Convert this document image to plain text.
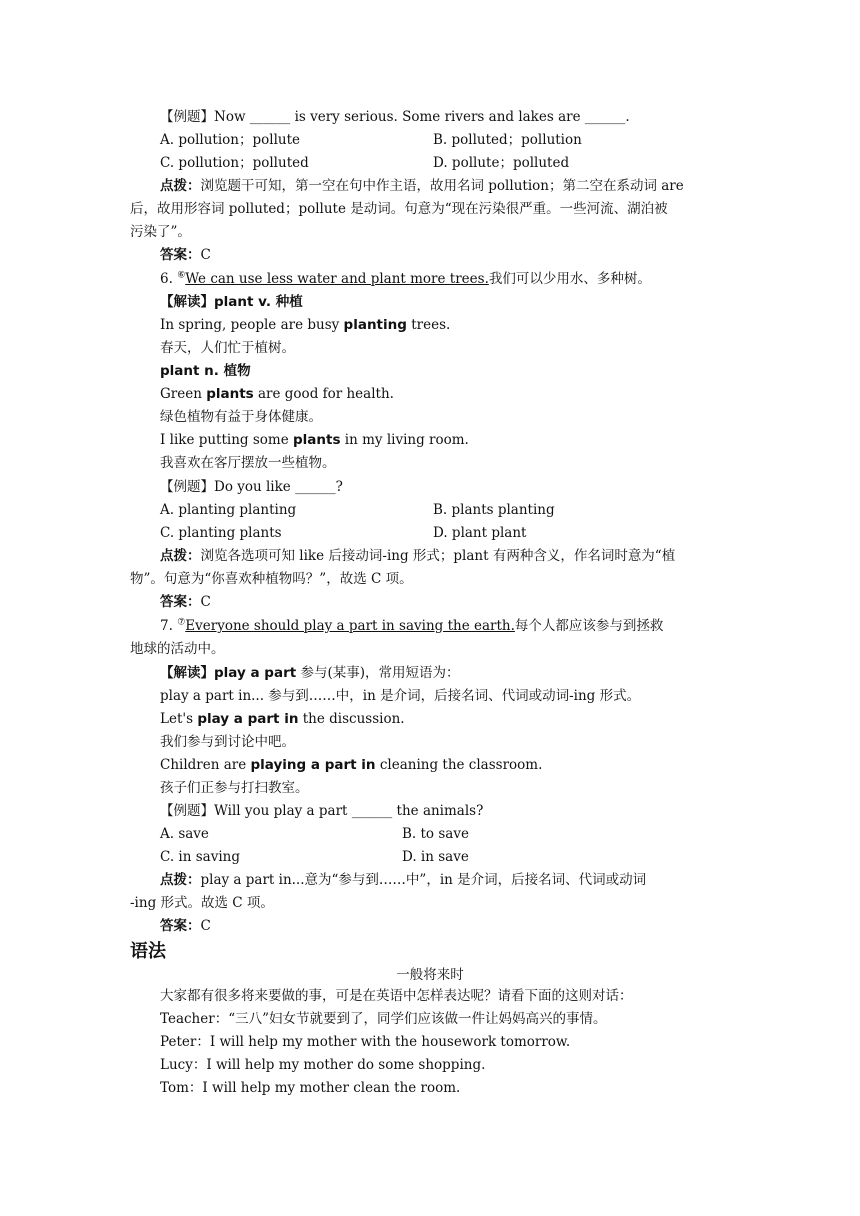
【例题】Now ______ is very serious. Some rivers and lakes are ______.
A. pollution；pollute	B. polluted；pollution
C. pollution；polluted	D. pollute；polluted
点拨：浏览题干可知，第一空在句中作主语，故用名词 pollution；第二空在系动词 are
后，故用形容词 polluted；pollute 是动词。句意为“现在污染很严重。一些河流、湖泊被
污染了”。
答案：C
6. ⑥We can use less water and plant more trees.我们可以少用水、多种树。
【解读】plant v. 种植
In spring, people are busy planting trees.
春天，人们忙于植树。
plant n. 植物
Green plants are good for health.
绿色植物有益于身体健康。
I like putting some plants in my living room.
我喜欢在客厅摆放一些植物。
【例题】Do you like ______?
A. planting planting	B. plants planting
C. planting plants	D. plant plant
点拨：浏览各选项可知 like 后接动词-ing 形式；plant 有两种含义，作名词时意为“植
物”。句意为“你喜欢种植物吗？”，故选 C 项。
答案：C
7. ⑦Everyone should play a part in saving the earth.每个人都应该参与到拯救
地球的活动中。
【解读】play a part 参与(某事)，常用短语为：
play a part in... 参与到……中，in 是介词，后接名词、代词或动词-ing 形式。
Let's play a part in the discussion.
我们参与到讨论中吧。
Children are playing a part in cleaning the classroom.
孩子们正参与打扫教室。
【例题】Will you play a part ______ the animals?
A. save	B. to save
C. in saving	D. in save
点拨：play a part in...意为“参与到……中”，in 是介词，后接名词、代词或动词
-ing 形式。故选 C 项。
答案：C
语法
一般将来时
大家都有很多将来要做的事，可是在英语中怎样表达呢？请看下面的这则对话：
Teacher：“三八”妇女节就要到了，同学们应该做一件让妈妈高兴的事情。
Peter：I will help my mother with the housework tomorrow.
Lucy：I will help my mother do some shopping.
Tom：I will help my mother clean the room.
